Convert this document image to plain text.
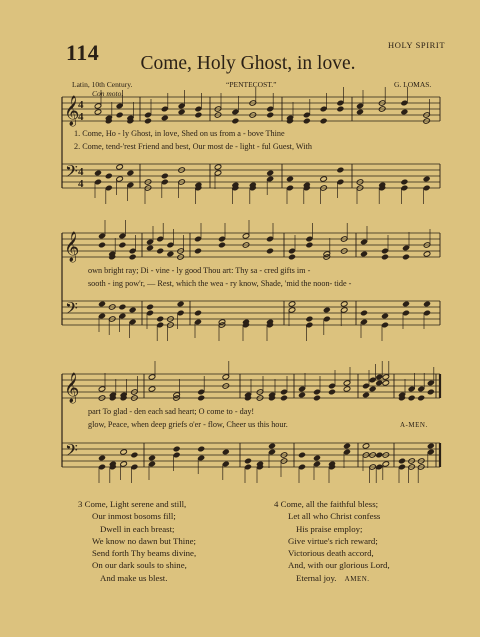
114	HOLY SPIRIT
Come, Holy Ghost, in love.
Latin, 10th Century.	“PENTECOST.”	G. LOMAS.
Con moto.
𝄞
𝄢
4
4
4
4
𝄞
𝄢
𝄞
𝄢
1. Come, Ho - ly Ghost, in love, Shed on us from a - bove Thine
2. Come, tend-'rest Friend and best, Our most de - light - ful Guest, With
own bright ray; Di - vine - ly good Thou art: Thy sa - cred gifts im -
sooth - ing pow'r, — Rest, which the wea - ry know, Shade, 'mid the noon- tide -
part To glad - den each sad heart; O come to - day!
glow, Peace, when deep griefs o'er - flow, Cheer us this hour.	A-MEN.
3 Come, Light serene and still,
Our inmost bosoms fill;
Dwell in each breast;
We know no dawn but Thine;
Send forth Thy beams divine,
On our dark souls to shine,
And make us blest.
4 Come, all the faithful bless;
Let all who Christ confess
His praise employ;
Give virtue's rich reward;
Victorious death accord,
And, with our glorious Lord,
Eternal joy. AMEN.
